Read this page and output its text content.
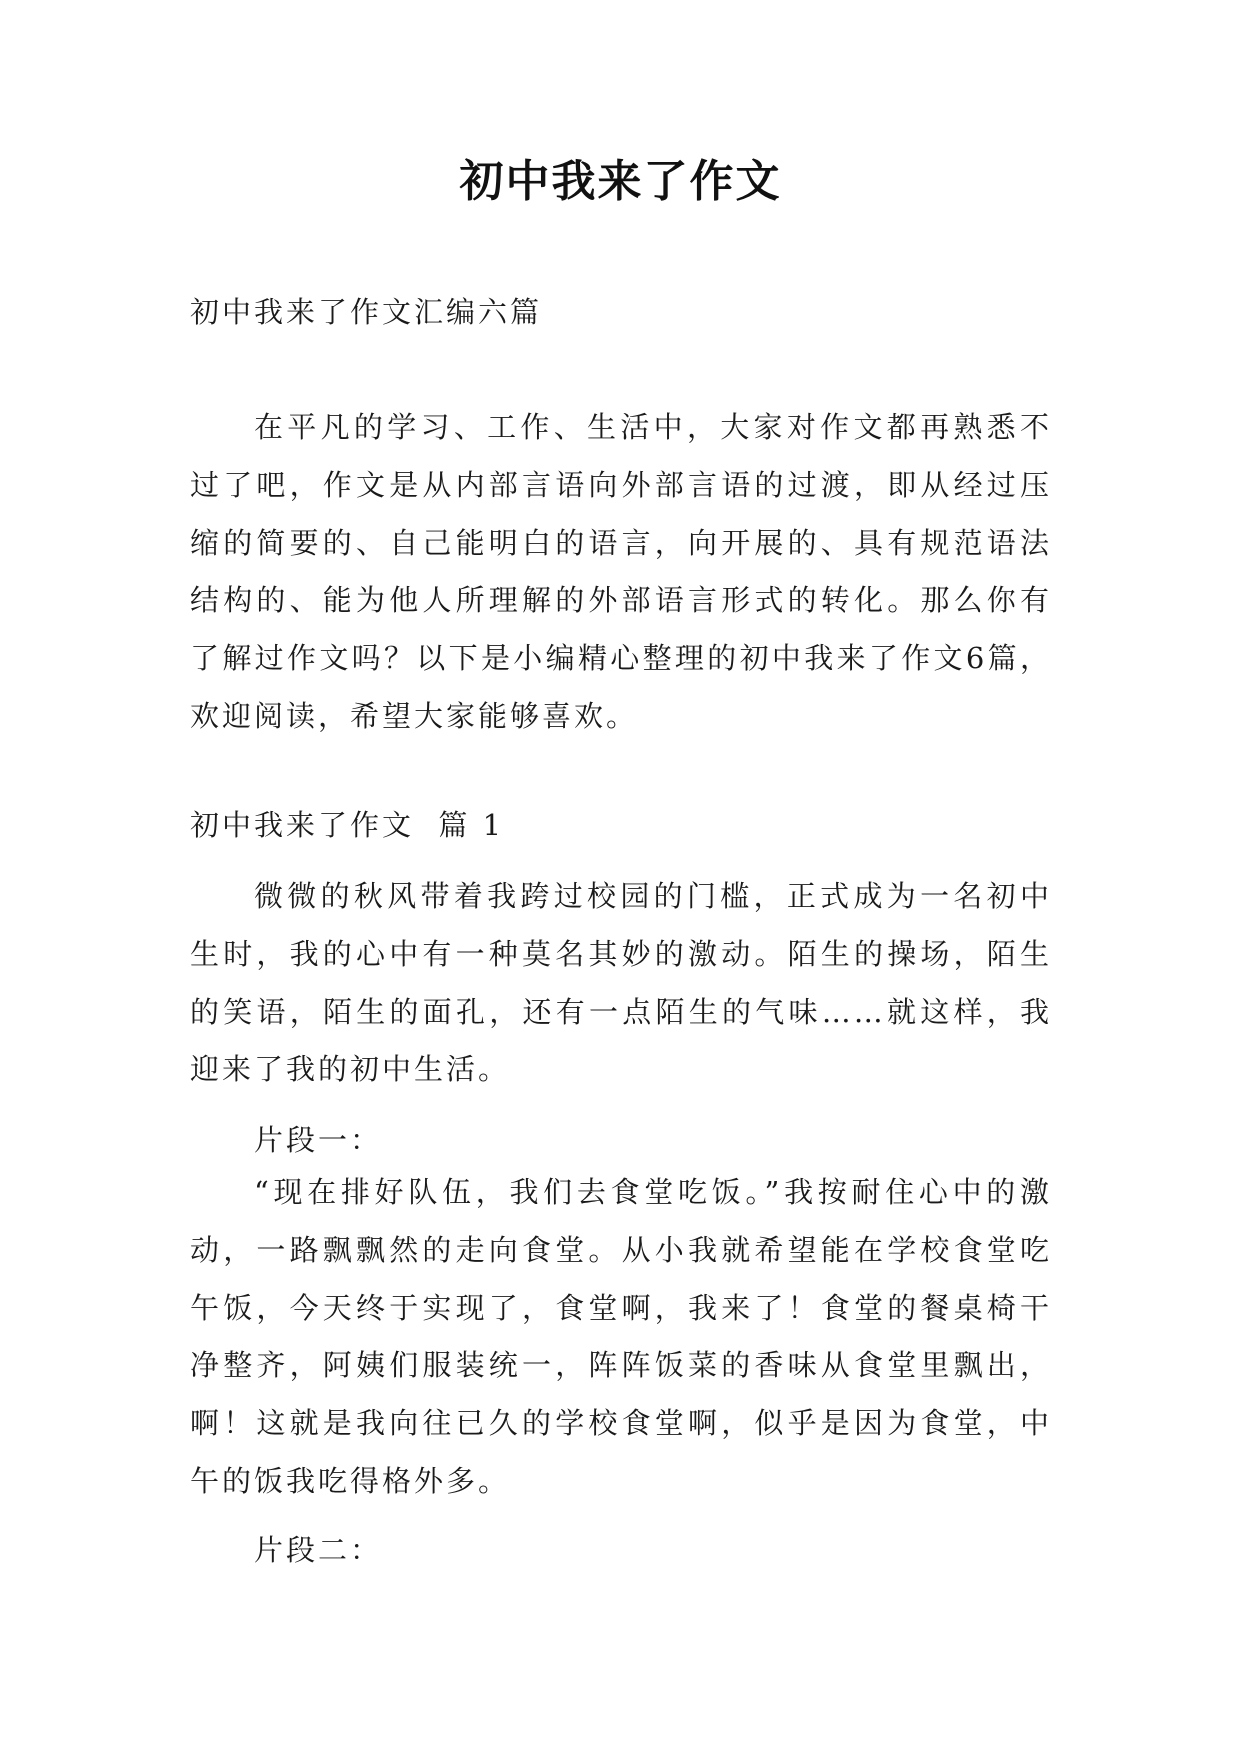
初中我来了作文

初中我来了作文汇编六篇

在平凡的学习、工作、生活中，大家对作文都再熟悉不过了吧，作文是从内部言语向外部言语的过渡，即从经过压缩的简要的、自己能明白的语言，向开展的、具有规范语法结构的、能为他人所理解的外部语言形式的转化。那么你有了解过作文吗？以下是小编精心整理的初中我来了作文6篇，欢迎阅读，希望大家能够喜欢。

初中我来了作文  篇 1

微微的秋风带着我跨过校园的门槛，正式成为一名初中生时，我的心中有一种莫名其妙的激动。陌生的操场，陌生的笑语，陌生的面孔，还有一点陌生的气味……就这样，我迎来了我的初中生活。

片段一：

“现在排好队伍，我们去食堂吃饭。”我按耐住心中的激动，一路飘飘然的走向食堂。从小我就希望能在学校食堂吃午饭，今天终于实现了，食堂啊，我来了！食堂的餐桌椅干净整齐，阿姨们服装统一，阵阵饭菜的香味从食堂里飘出，啊！这就是我向往已久的学校食堂啊，似乎是因为食堂，中午的饭我吃得格外多。

片段二：
